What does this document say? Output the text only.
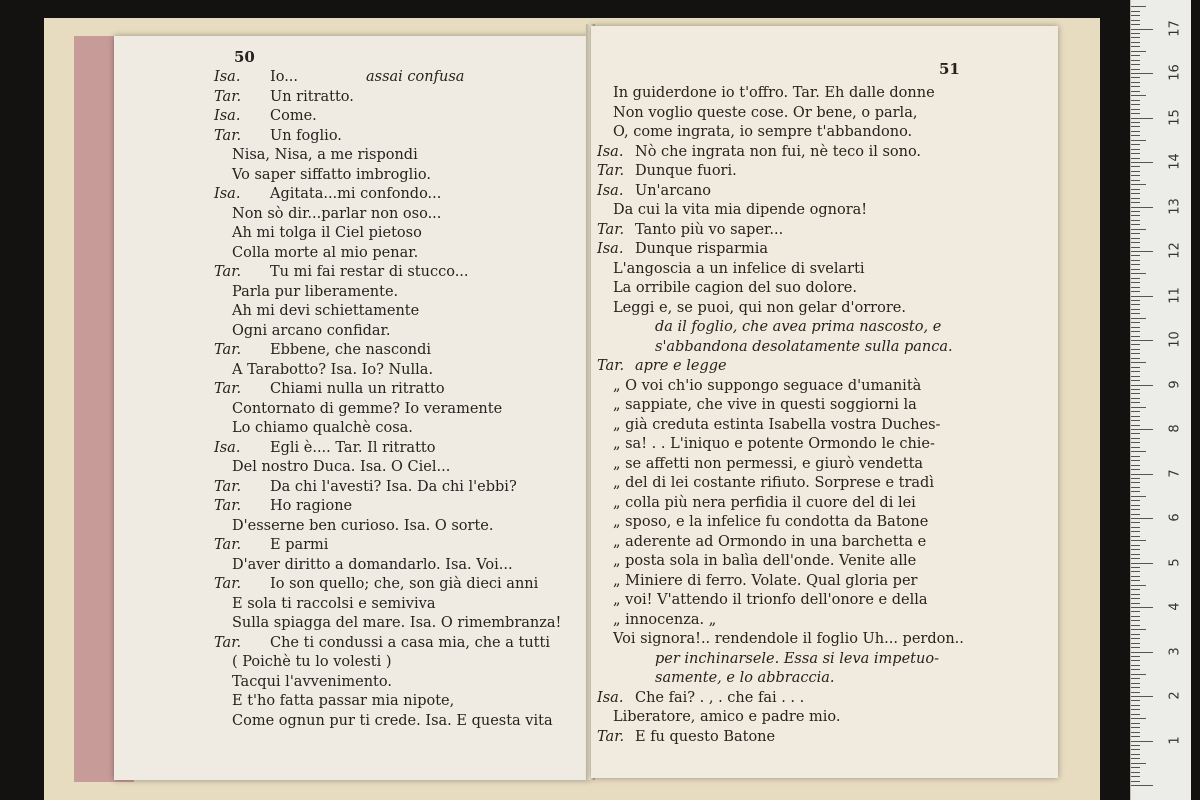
50
Isa. Io...	assai confusa
Tar. Un ritratto.
Isa. Come.
Tar. Un foglio.
Nisa, Nisa, a me rispondi
Vo saper siffatto imbroglio.
Isa. Agitata...mi confondo...
Non sò dir...parlar non oso...
Ah mi tolga il Ciel pietoso
Colla morte al mio penar.
Tar. Tu mi fai restar di stucco...
Parla pur liberamente.
Ah mi devi schiettamente
Ogni arcano confidar.
Tar. Ebbene, che nascondi
A Tarabotto? Isa. Io? Nulla.
Tar. Chiami nulla un ritratto
Contornato di gemme? Io veramente
Lo chiamo qualchè cosa.
Isa. Egli è.... Tar. Il ritratto
Del nostro Duca. Isa. O Ciel...
Tar. Da chi l'avesti? Isa. Da chi l'ebbi?
Tar. Ho ragione
D'esserne ben curioso. Isa. O sorte.
Tar. E parmi
D'aver diritto a domandarlo. Isa. Voi...
Tar. Io son quello; che, son già dieci anni
E sola ti raccolsi e semiviva
Sulla spiagga del mare. Isa. O rimembranza!
Tar. Che ti condussi a casa mia, che a tutti
( Poichè tu lo volesti )
Tacqui l'avvenimento.
E t'ho fatta passar mia nipote,
Come ognun pur ti crede. Isa. E questa vita
51
In guiderdone io t'offro. Tar. Eh dalle donne
Non voglio queste cose. Or bene, o parla,
O, come ingrata, io sempre t'abbandono.
Isa. Nò che ingrata non fui, nè teco il sono.
Tar. Dunque fuori.
Isa. Un'arcano
Da cui la vita mia dipende ognora!
Tar. Tanto più vo saper...
Isa. Dunque risparmia
L'angoscia a un infelice di svelarti
La orribile cagion del suo dolore.
Leggi e, se puoi, qui non gelar d'orrore.
da il foglio, che avea prima nascosto, e
s'abbandona desolatamente sulla panca.
Tar. apre e legge
„ O voi ch'io suppongo seguace d'umanità
„ sappiate, che vive in questi soggiorni la
„ già creduta estinta Isabella vostra Duches-
„ sa! . . L'iniquo e potente Ormondo le chie-
„ se affetti non permessi, e giurò vendetta
„ del di lei costante rifiuto. Sorprese e tradì
„ colla più nera perfidia il cuore del di lei
„ sposo, e la infelice fu condotta da Batone
„ aderente ad Ormondo in una barchetta e
„ posta sola in balìa dell'onde. Venite alle
„ Miniere di ferro. Volate. Qual gloria per
„ voi! V'attendo il trionfo dell'onore e della
„ innocenza. „
Voi signora!.. rendendole il foglio Uh... perdon..
per inchinarsele. Essa si leva impetuo-
samente, e lo abbraccia.
Isa. Che fai? . , . che fai . . .
Liberatore, amico e padre mio.
Tar. E fu questo Batone	1
2
3
4
5
6
7
8
9
10
11
12
13
14
15
16
17
